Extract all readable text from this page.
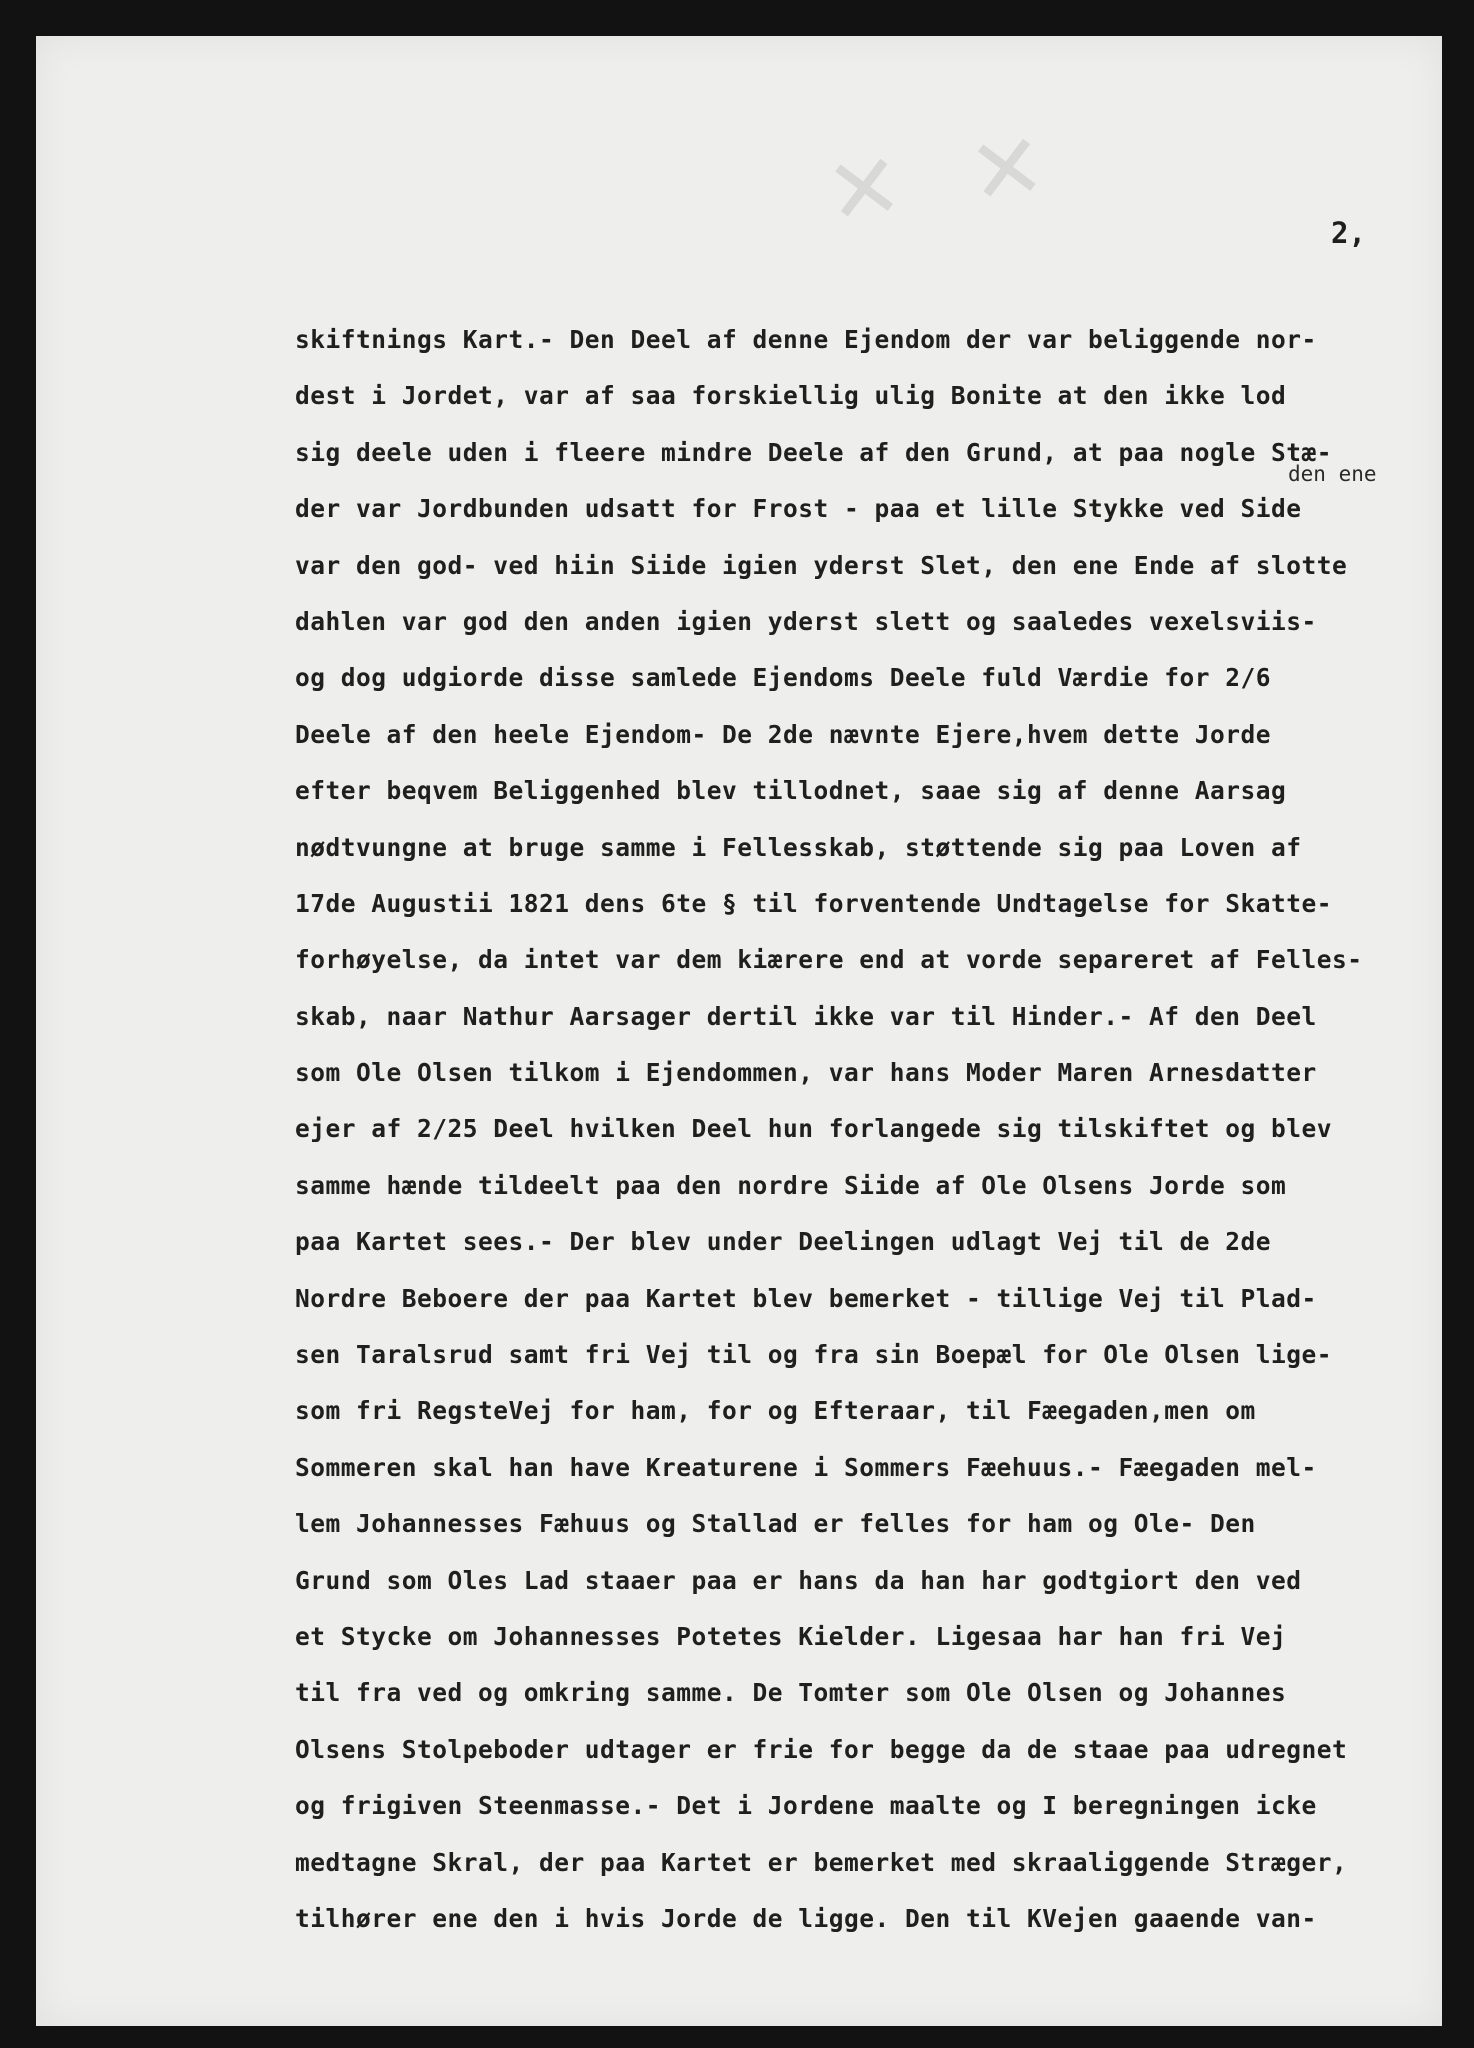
✕ ✕	2,
den ene
skiftnings Kart.- Den Deel af denne Ejendom der var beliggende nor-
dest i Jordet, var af saa forskiellig ulig Bonite at den ikke lod
sig deele uden i fleere mindre Deele af den Grund, at paa nogle Stæ-
der var Jordbunden udsatt for Frost - paa et lille Stykke ved Side
var den god- ved hiin Siide igien yderst Slet, den ene Ende af slotte
dahlen var god den anden igien yderst slett og saaledes vexelsviis-
og dog udgiorde disse samlede Ejendoms Deele fuld Værdie for 2/6
Deele af den heele Ejendom- De 2de nævnte Ejere,hvem dette Jorde
efter beqvem Beliggenhed blev tillodnet, saae sig af denne Aarsag
nødtvungne at bruge samme i Fellesskab, støttende sig paa Loven af
17de Augustii 1821 dens 6te § til forventende Undtagelse for Skatte-
forhøyelse, da intet var dem kiærere end at vorde separeret af Felles-
skab, naar Nathur Aarsager dertil ikke var til Hinder.- Af den Deel
som Ole Olsen tilkom i Ejendommen, var hans Moder Maren Arnesdatter
ejer af 2/25 Deel hvilken Deel hun forlangede sig tilskiftet og blev
samme hænde tildeelt paa den nordre Siide af Ole Olsens Jorde som
paa Kartet sees.- Der blev under Deelingen udlagt Vej til de 2de
Nordre Beboere der paa Kartet blev bemerket - tillige Vej til Plad-
sen Taralsrud samt fri Vej til og fra sin Boepæl for Ole Olsen lige-
som fri RegsteVej for ham, for og Efteraar, til Fæegaden,men om
Sommeren skal han have Kreaturene i Sommers Fæehuus.- Fæegaden mel-
lem Johannesses Fæhuus og Stallad er felles for ham og Ole- Den
Grund som Oles Lad staaer paa er hans da han har godtgiort den ved
et Stycke om Johannesses Potetes Kielder. Ligesaa har han fri Vej
til fra ved og omkring samme. De Tomter som Ole Olsen og Johannes
Olsens Stolpeboder udtager er frie for begge da de staae paa udregnet
og frigiven Steenmasse.- Det i Jordene maalte og I beregningen icke
medtagne Skral, der paa Kartet er bemerket med skraaliggende Stræger,
tilhører ene den i hvis Jorde de ligge. Den til KVejen gaaende van-
